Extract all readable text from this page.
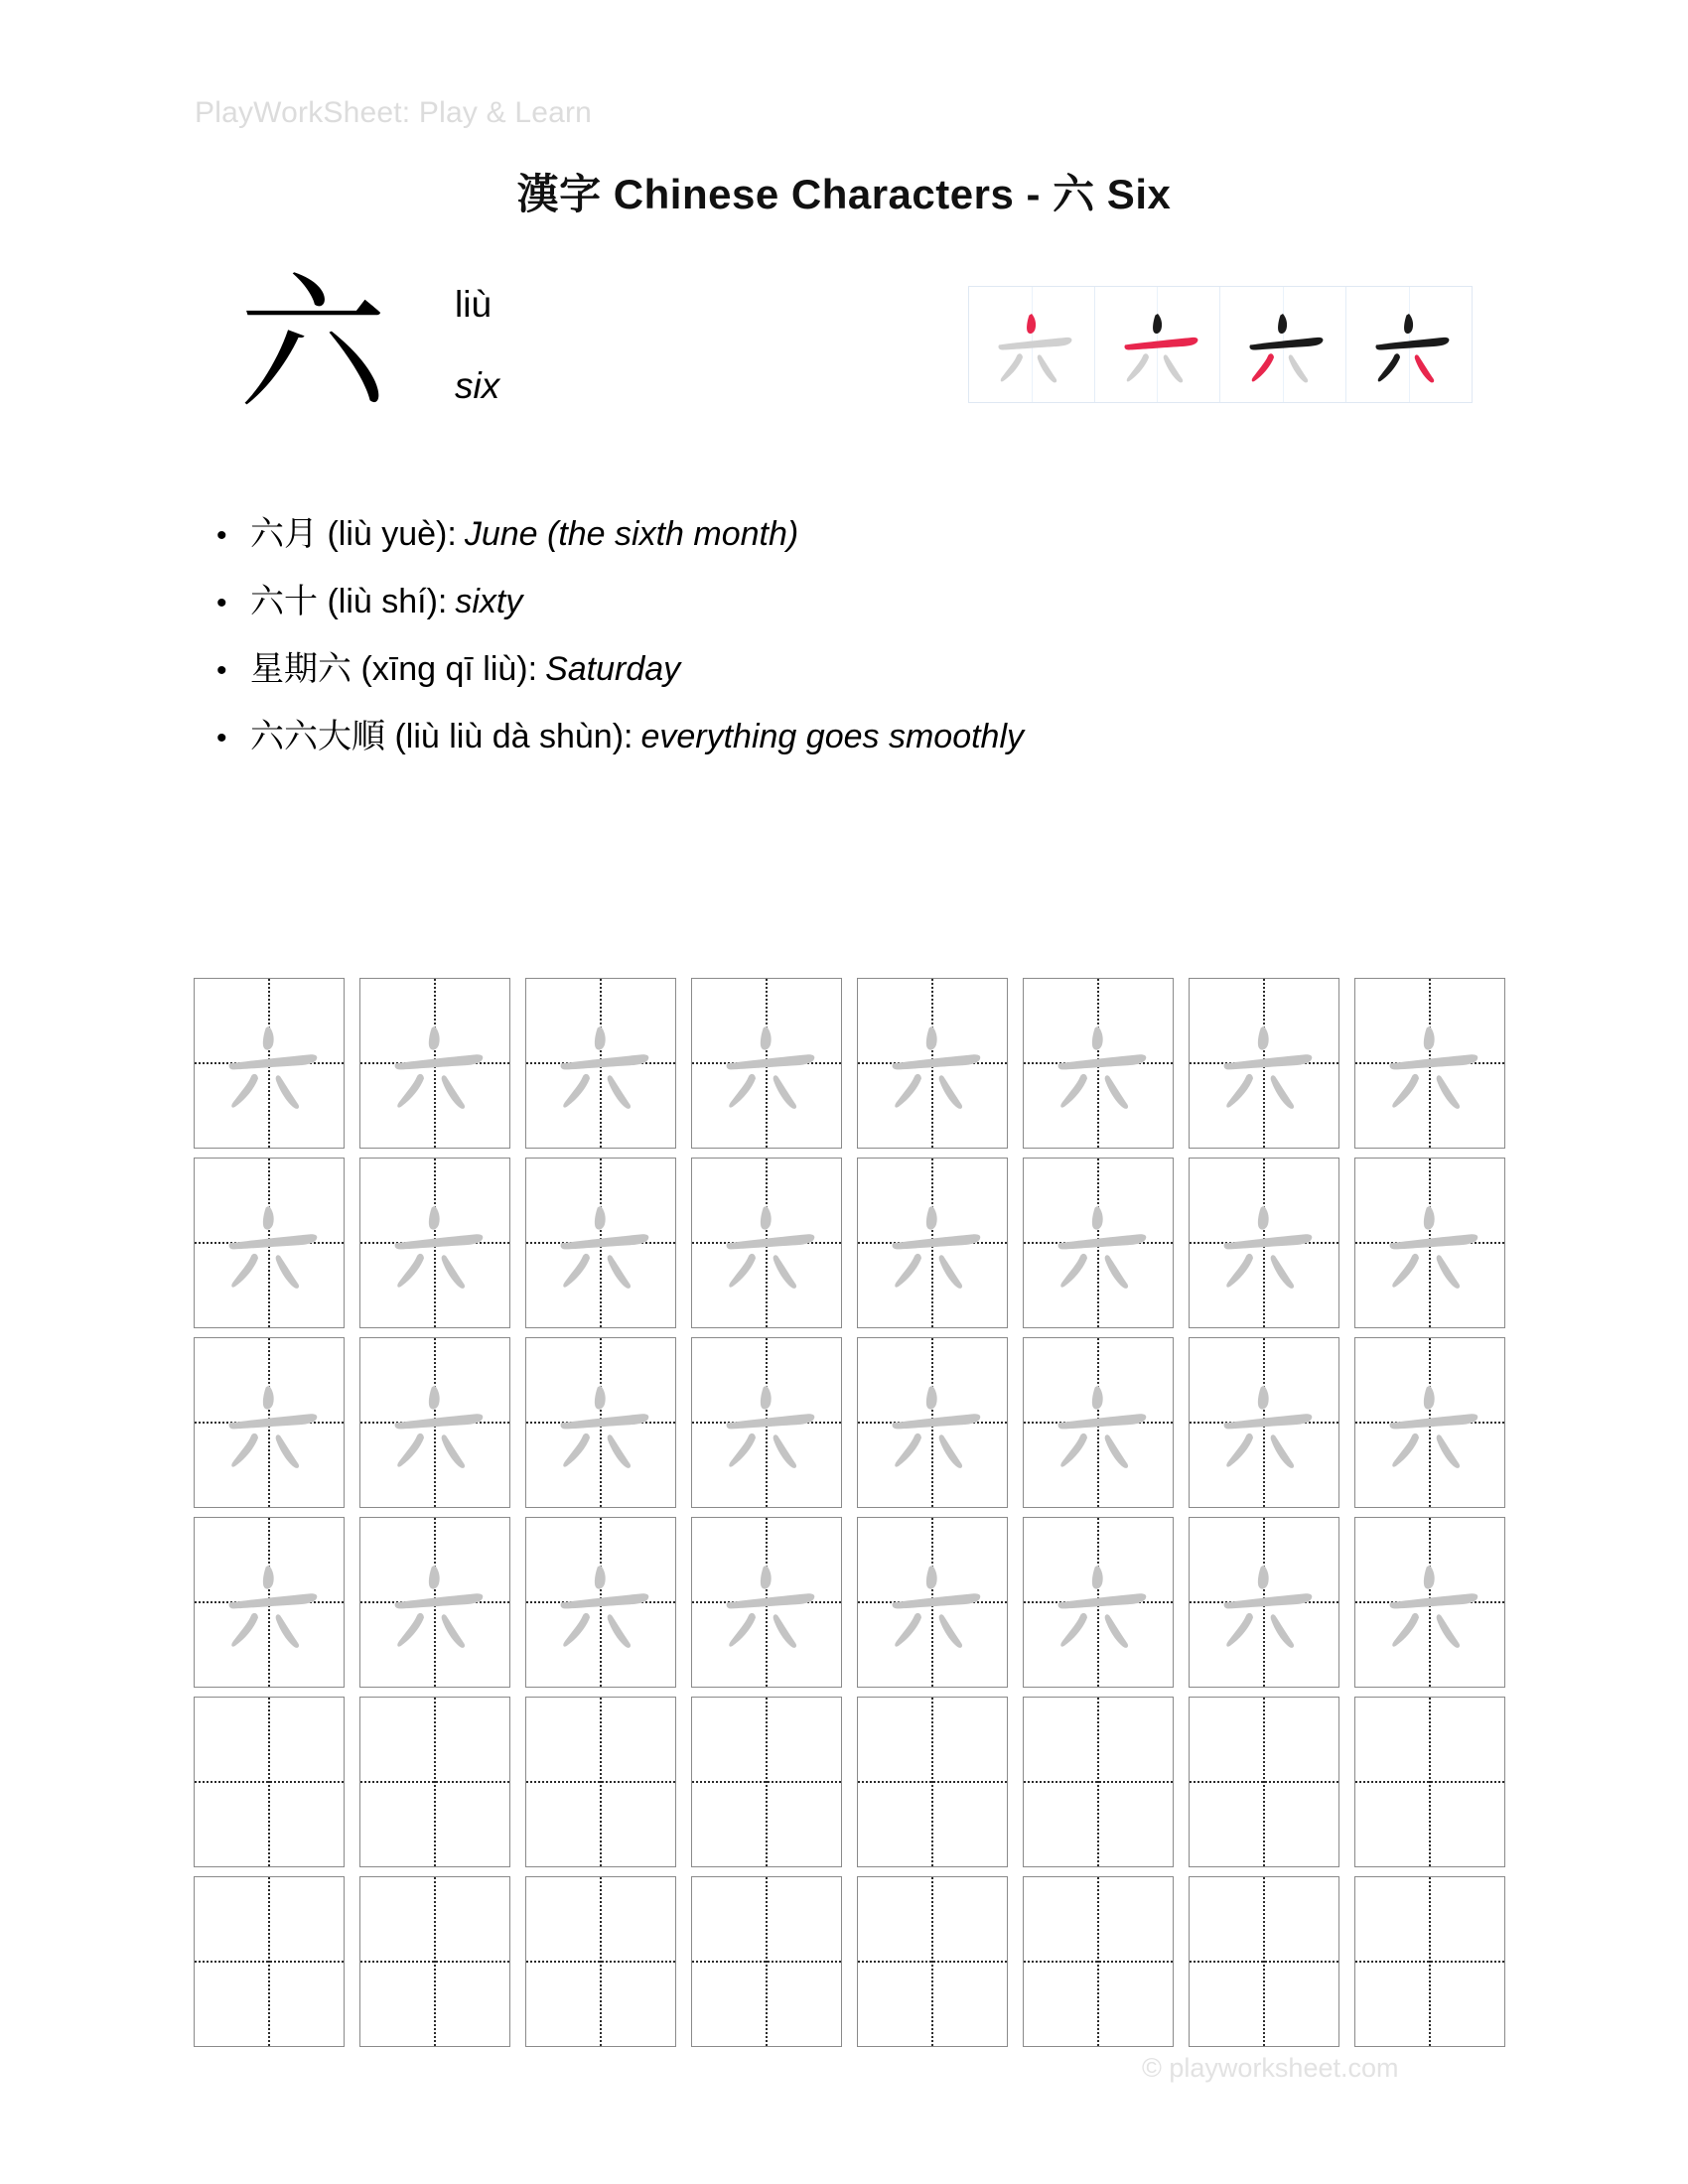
PlayWorkSheet: Play & Learn
漢字 Chinese Characters - 六 Six
六	liù
six
• 六月
(liù yuè): June (the sixth month)
• 六十
(liù shí): sixty
• 星期六
(xīng qī liù): Saturday
• 六六大順
(liù liù dà shùn): everything goes smoothly
© playworksheet.com
